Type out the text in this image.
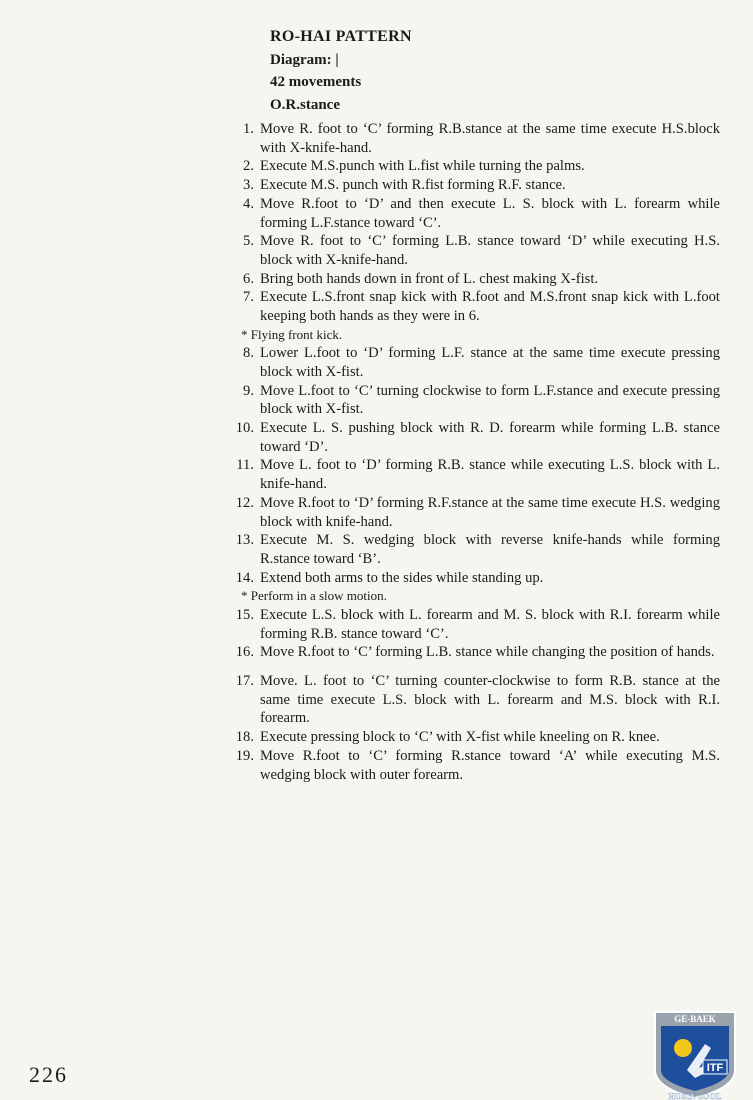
RO-HAI PATTERN
Diagram: |
42 movements
O.R.stance
1. Move R. foot to ‘C’ forming R.B.stance at the same time execute H.S.block with X-knife-hand.
2. Execute M.S.punch with L.fist while turning the palms.
3. Execute M.S. punch with R.fist forming R.F. stance.
4. Move R.foot to ‘D’ and then execute L. S. block with L. forearm while forming L.F.stance toward ‘C’.
5. Move R. foot to ‘C’ forming L.B. stance toward ‘D’ while executing H.S. block with X-knife-hand.
6. Bring both hands down in front of L. chest making X-fist.
7. Execute L.S.front snap kick with R.foot and M.S.front snap kick with L.foot keeping both hands as they were in 6.
* Flying front kick.
8. Lower L.foot to ‘D’ forming L.F. stance at the same time execute pressing block with X-fist.
9. Move L.foot to ‘C’ turning clockwise to form L.F.stance and execute pressing block with X-fist.
10. Execute L. S. pushing block with R. D. forearm while forming L.B. stance toward ‘D’.
11. Move L. foot to ‘D’ forming R.B. stance while executing L.S. block with L. knife-hand.
12. Move R.foot to ‘D’ forming R.F.stance at the same time execute H.S. wedging block with knife-hand.
13. Execute M. S. wedging block with reverse knife-hands while forming R.stance toward ‘B’.
14. Extend both arms to the sides while standing up.
* Perform in a slow motion.
15. Execute L.S. block with L. forearm and M. S. block with R.I. forearm while forming R.B. stance toward ‘C’.
16. Move R.foot to ‘C’ forming L.B. stance while changing the position of hands.
17. Move. L. foot to ‘C’ turning counter-clockwise to form R.B. stance at the same time execute L.S. block with L. forearm and M.S. block with R.I. forearm.
18. Execute pressing block to ‘C’ with X-fist while kneeling on R. knee.
19. Move R.foot to ‘C’ forming R.stance toward ‘A’ while executing M.S. wedging block with outer forearm.
226
GE-BAEK
ITF
HOSIN SOOL
